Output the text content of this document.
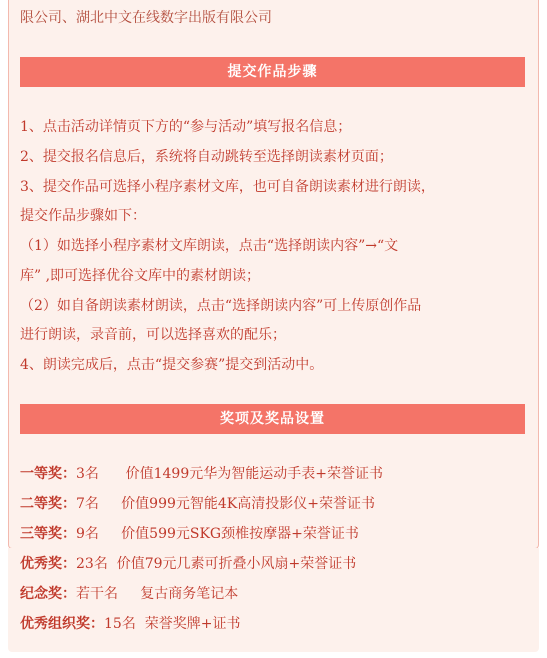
限公司、湖北中文在线数字出版有限公司
提交作品步骤
1、点击活动详情页下方的“参与活动”填写报名信息；
2、提交报名信息后，系统将自动跳转至选择朗读素材页面；
3、提交作品可选择小程序素材文库，也可自备朗读素材进行朗读，
提交作品步骤如下：
（1）如选择小程序素材文库朗读，点击“选择朗读内容”→“文
库” ,即可选择优谷文库中的素材朗读；
（2）如自备朗读素材朗读，点击“选择朗读内容”可上传原创作品
进行朗读，录音前，可以选择喜欢的配乐；
4、朗读完成后，点击“提交参赛”提交到活动中。
奖项及奖品设置
一等奖：3名      价值1499元华为智能运动手表+荣誉证书
二等奖：7名     价值999元智能4K高清投影仪+荣誉证书
三等奖：9名     价值599元SKG颈椎按摩器+荣誉证书
优秀奖：23名  价值79元几素可折叠小风扇+荣誉证书
纪念奖：若干名     复古商务笔记本
优秀组织奖：15名  荣誉奖牌+证书
